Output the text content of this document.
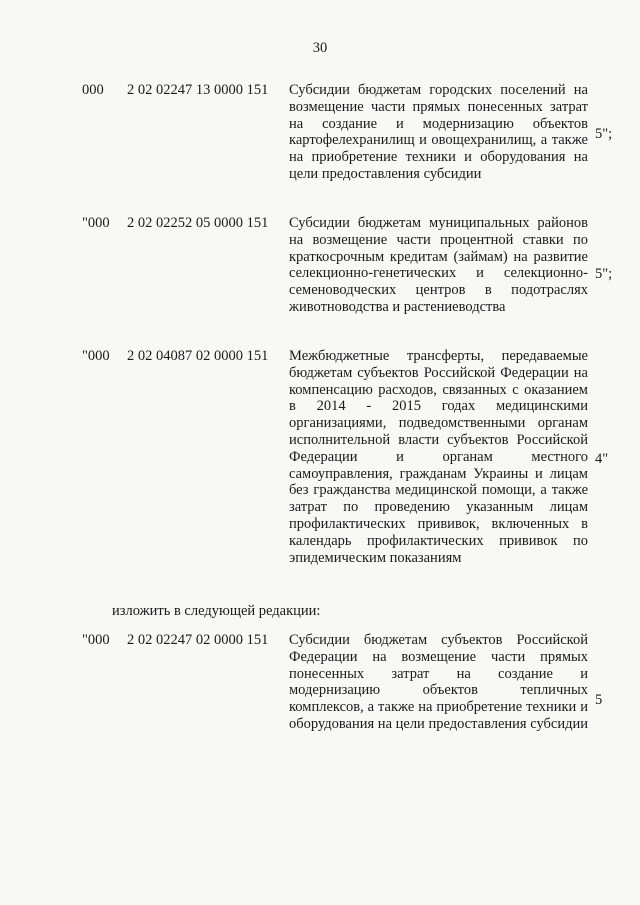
30
000 2 02 02247 13 0000 151 Субсидии бюджетам городских поселений на возмещение части прямых понесенных затрат на создание и модернизацию объектов картофелехранилищ и овощехранилищ, а также на приобретение техники и оборудования на цели предоставления субсидии
5";
"000 2 02 02252 05 0000 151 Субсидии бюджетам муниципальных районов на возмещение части процентной ставки по краткосрочным кредитам (займам) на развитие селекционно-генетических и селекционно-семеноводческих центров в подотраслях животноводства и растениеводства
5";
"000 2 02 04087 02 0000 151 Межбюджетные трансферты, передаваемые бюджетам субъектов Российской Федерации на компенсацию расходов, связанных с оказанием в 2014 - 2015 годах медицинскими организациями, подведомственными органам исполнительной власти субъектов Российской Федерации и органам местного самоуправления, гражданам Украины и лицам без гражданства медицинской помощи, а также затрат по проведению указанным лицам профилактических прививок, включенных в календарь профилактических прививок по эпидемическим показаниям
4"
изложить в следующей редакции:
"000 2 02 02247 02 0000 151 Субсидии бюджетам субъектов Российской Федерации на возмещение части прямых понесенных затрат на создание и модернизацию объектов тепличных комплексов, а также на приобретение техники и оборудования на цели предоставления субсидии
5
